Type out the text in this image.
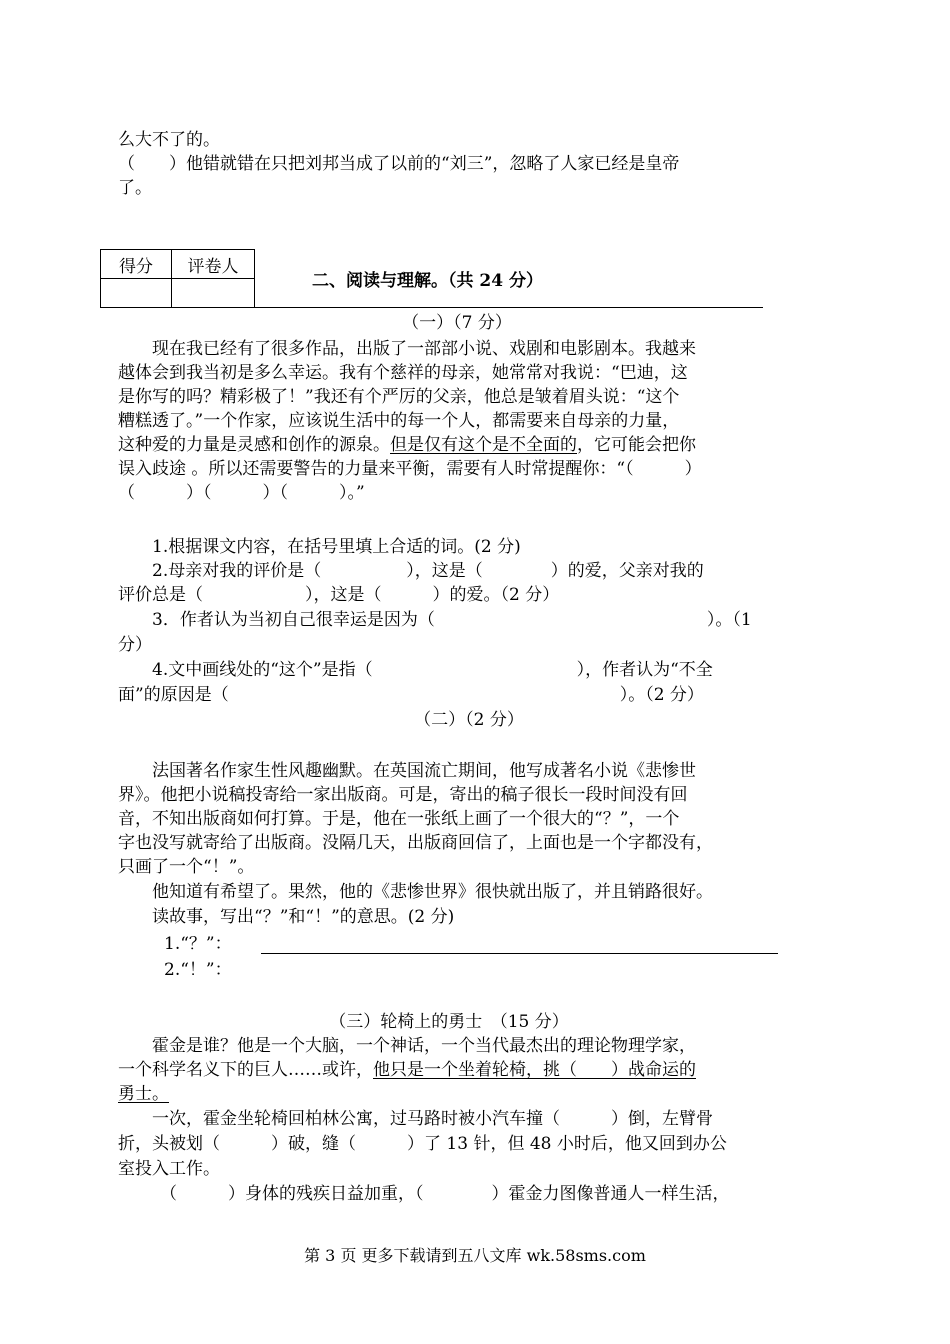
么大不了的。
（　　）他错就错在只把刘邦当成了以前的“刘三”，忽略了人家已经是皇帝
了。
得分	评卷人

二、阅读与理解。（共 24 分）
（一）（7 分）
现在我已经有了很多作品，出版了一部部小说、戏剧和电影剧本。我越来
越体会到我当初是多么幸运。我有个慈祥的母亲，她常常对我说：“巴迪，这
是你写的吗？精彩极了！”我还有个严厉的父亲，他总是皱着眉头说：“这个
糟糕透了。”一个作家，应该说生活中的每一个人，都需要来自母亲的力量，
这种爱的力量是灵感和创作的源泉。但是仅有这个是不全面的，它可能会把你
误入歧途 。所以还需要警告的力量来平衡，需要有人时常提醒你：“（　　　）
（　　　）（　　　）（　　　）。”
1.根据课文内容，在括号里填上合适的词。(2 分)
2.母亲对我的评价是（　　　　　），这是（　　　　）的爱，父亲对我的
评价总是（　　　　　　），这是（　　　）的爱。（2 分）
3．作者认为当初自己很幸运是因为（　　　　　　　　　　　　　　　　）。（1
分）
4.文中画线处的“这个”是指（　　　　　　　　　　　　），作者认为“不全
面”的原因是（　　　　　　　　　　　　　　　　　　　　　　　）。（2 分）
（二）（2 分）
法国著名作家生性风趣幽默。在英国流亡期间，他写成著名小说《悲惨世
界》。他把小说稿投寄给一家出版商。可是，寄出的稿子很长一段时间没有回
音，不知出版商如何打算。于是，他在一张纸上画了一个很大的“？”，一个
字也没写就寄给了出版商。没隔几天，出版商回信了，上面也是一个字都没有，
只画了一个“！”。
他知道有希望了。果然，他的《悲惨世界》很快就出版了，并且销路很好。
读故事，写出“？”和“！”的意思。(2 分)
1.“？”：
2.“！”：
（三）轮椅上的勇士　（15 分）
霍金是谁？他是一个大脑，一个神话，一个当代最杰出的理论物理学家，
一个科学名义下的巨人……或许，他只是一个坐着轮椅，挑（　　）战命运的
勇士。
一次，霍金坐轮椅回柏林公寓，过马路时被小汽车撞（　　　）倒，左臂骨
折，头被划（　　　）破，缝（　　　）了 13 针，但 48 小时后，他又回到办公
室投入工作。
（　　　）身体的残疾日益加重，（　　　　）霍金力图像普通人一样生活，
第 3 页 更多下载请到五八文库 wk.58sms.com
